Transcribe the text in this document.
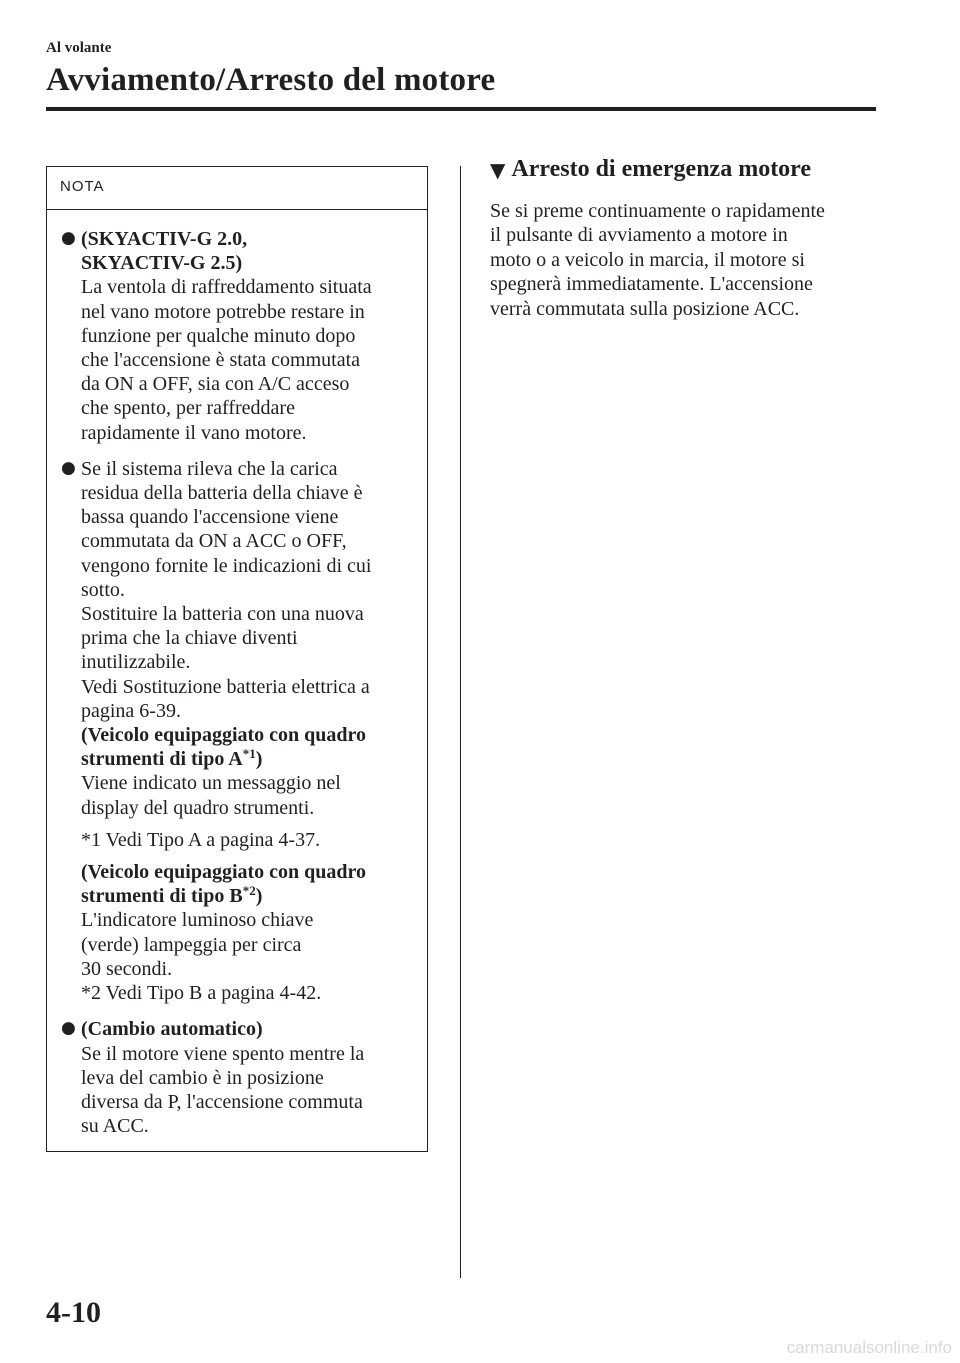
Al volante
Avviamento/Arresto del motore
NOTA
● (SKYACTIV-G 2.0,
SKYACTIV-G 2.5)
La ventola di raffreddamento situata
nel vano motore potrebbe restare in
funzione per qualche minuto dopo
che l'accensione è stata commutata
da ON a OFF, sia con A/C acceso
che spento, per raffreddare
rapidamente il vano motore.
● Se il sistema rileva che la carica
residua della batteria della chiave è
bassa quando l'accensione viene
commutata da ON a ACC o OFF,
vengono fornite le indicazioni di cui
sotto.
Sostituire la batteria con una nuova
prima che la chiave diventi
inutilizzabile.
Vedi Sostituzione batteria elettrica a
pagina 6-39.
(Veicolo equipaggiato con quadro
strumenti di tipo $A^{*1}$)
Viene indicato un messaggio nel
display del quadro strumenti.
*1 Vedi Tipo A a pagina 4-37.
(Veicolo equipaggiato con quadro
strumenti di tipo $B^{*2}$)
L'indicatore luminoso chiave
(verde) lampeggia per circa
30 secondi.
*2 Vedi Tipo B a pagina 4-42.
● (Cambio automatico)
Se il motore viene spento mentre la
leva del cambio è in posizione
diversa da P, l'accensione commuta
su ACC.
▼ Arresto di emergenza motore
Se si preme continuamente o rapidamente
il pulsante di avviamento a motore in
moto o a veicolo in marcia, il motore si
spegnerà immediatamente. L'accensione
verrà commutata sulla posizione ACC.
4-10
carmanualsonline.info
